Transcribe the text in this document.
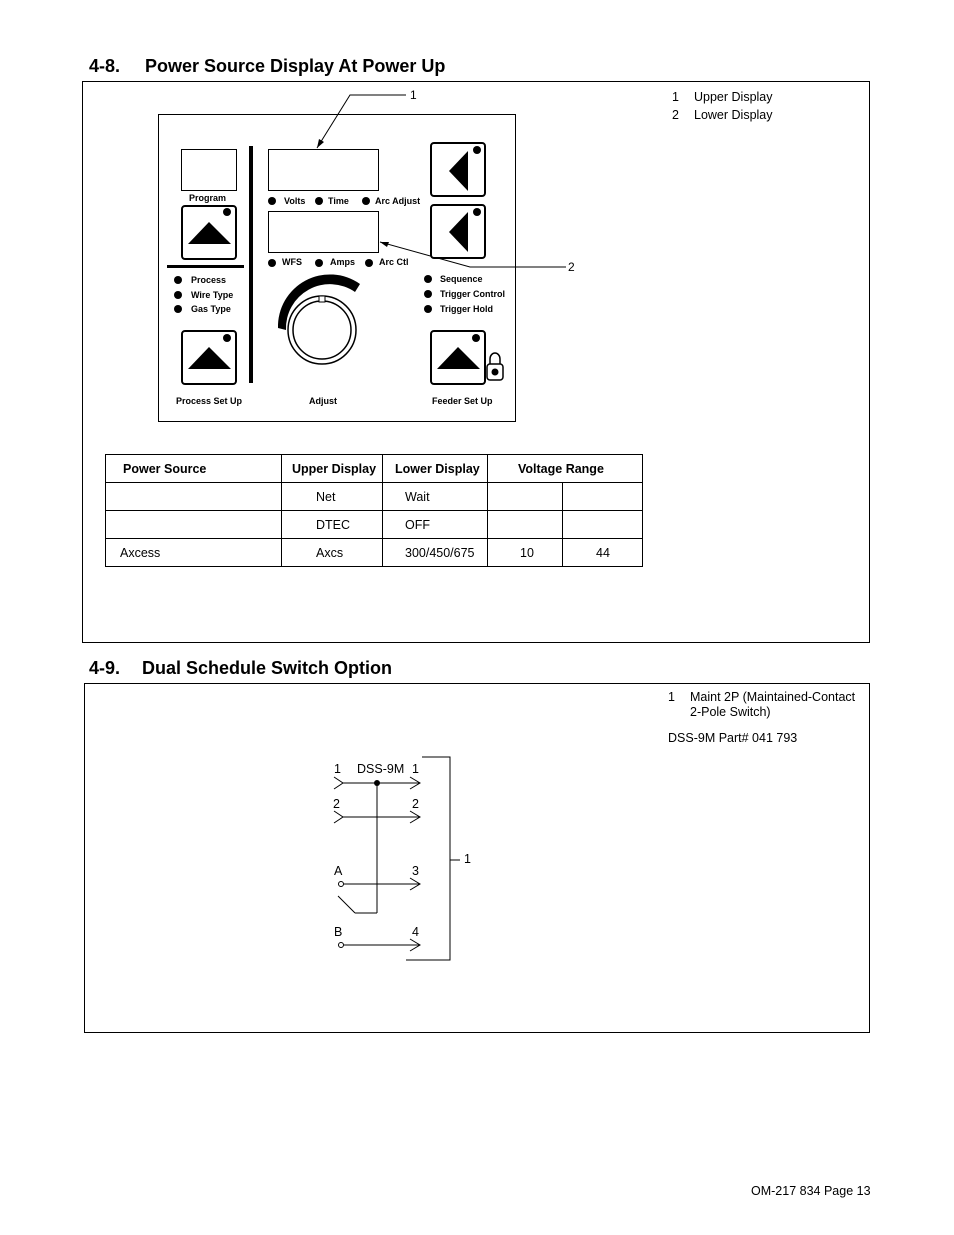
4-8. Power Source Display At Power Up
1	Upper Display
2	Lower Display
1
2
Program	Volts	Time	Arc Adjust
WFS	Amps	Arc Ctl
Process
Wire Type
Gas Type
Sequence
Trigger Control
Trigger Hold
Process Set Up	Adjust	Feeder Set Up
Power Source	Upper Display	Lower Display	Voltage Range	
	Net	Wait		
	DTEC	OFF		
Axcess	Axcs	300/450/675	10	44
4-9. Dual Schedule Switch Option
1	Maint 2P (Maintained-Contact 2-Pole Switch)
DSS-9M Part# 041 793
1 DSS-9M 1
2	2
A	3
B	4
1
OM-217 834 Page 13
